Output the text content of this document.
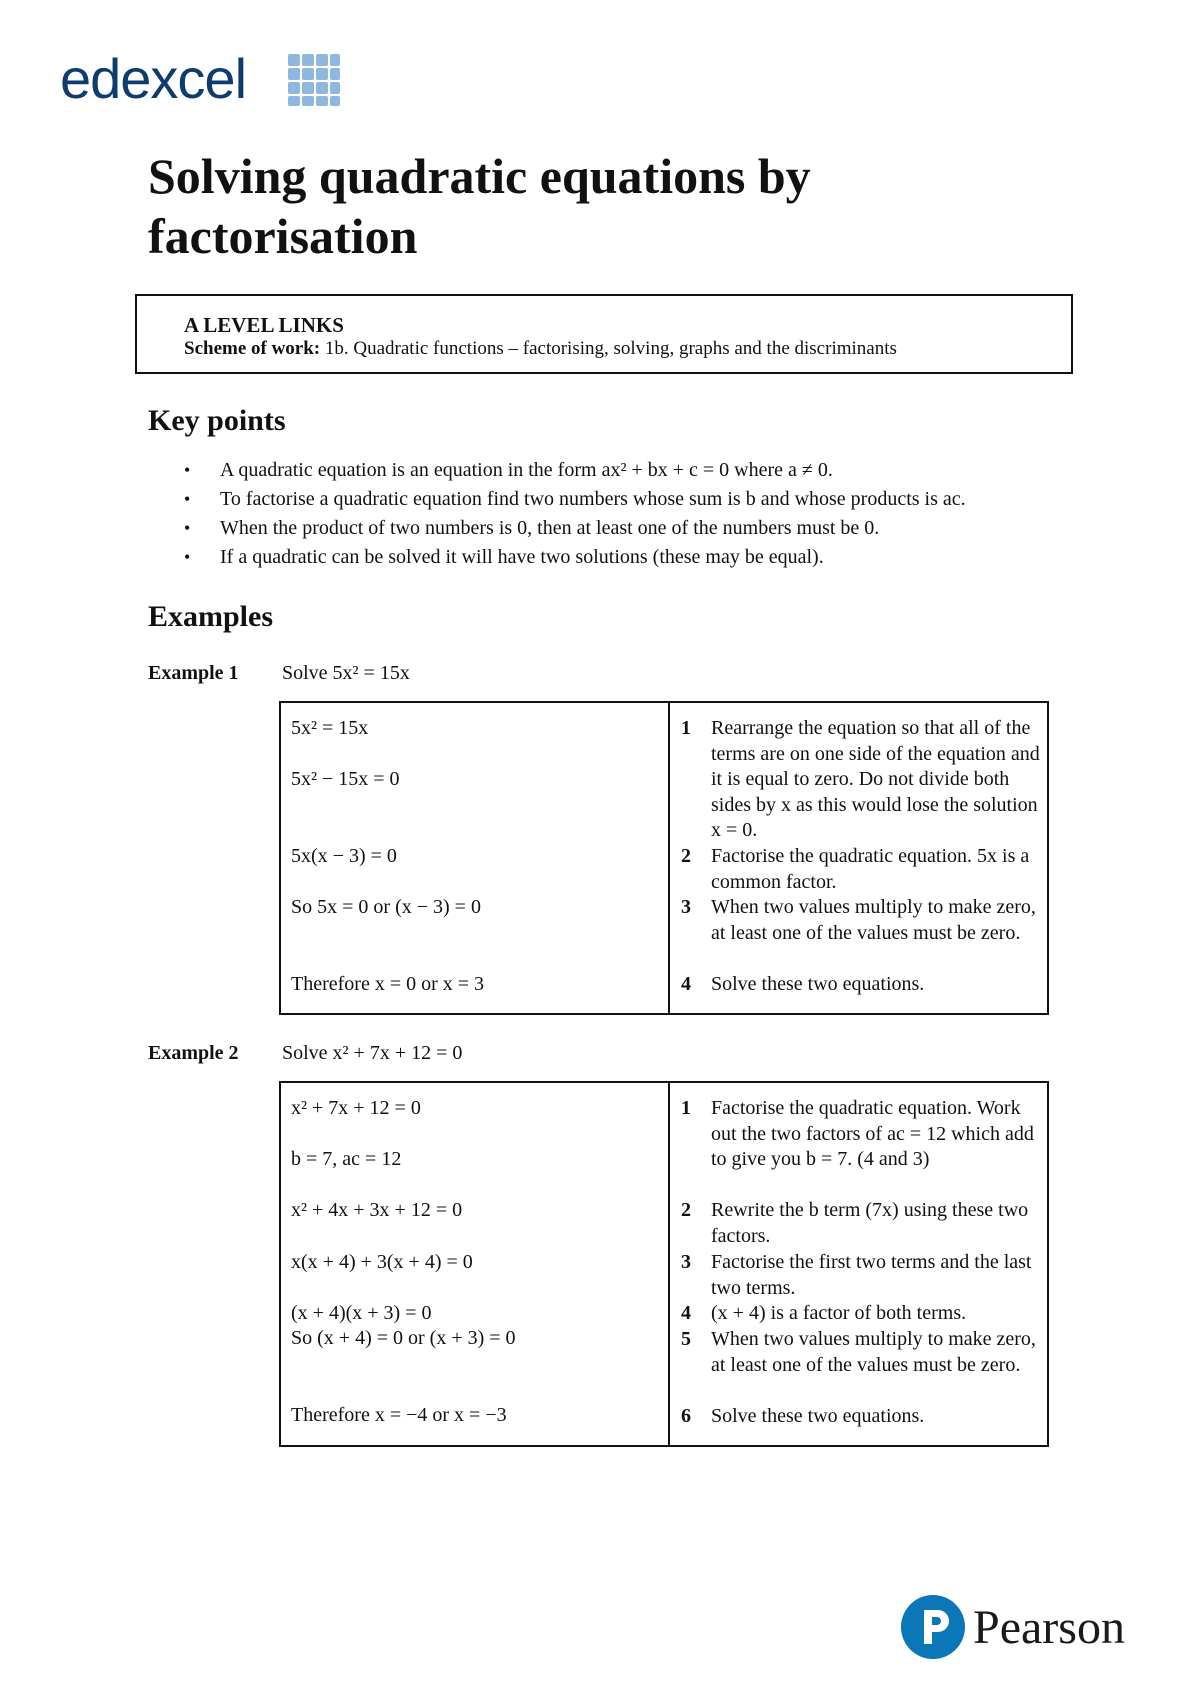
edexcel
Solving quadratic equations by factorisation
A LEVEL LINKS
Scheme of work: 1b. Quadratic functions – factorising, solving, graphs and the discriminants
Key points
• A quadratic equation is an equation in the form ax² + bx + c = 0 where a ≠ 0.
• To factorise a quadratic equation find two numbers whose sum is b and whose products is ac.
• When the product of two numbers is 0, then at least one of the numbers must be 0.
• If a quadratic can be solved it will have two solutions (these may be equal).
Examples
Example 1 Solve 5x² = 15x
5x² = 15x
5x² − 15x = 0
5x(x − 3) = 0
So 5x = 0 or (x − 3) = 0
Therefore x = 0 or x = 3
1 Rearrange the equation so that all of the terms are on one side of the equation and it is equal to zero. Do not divide both sides by x as this would lose the solution x = 0.
2 Factorise the quadratic equation. 5x is a common factor.
3 When two values multiply to make zero, at least one of the values must be zero.
4 Solve these two equations.
Example 2 Solve x² + 7x + 12 = 0
x² + 7x + 12 = 0
b = 7, ac = 12
x² + 4x + 3x + 12 = 0
x(x + 4) + 3(x + 4) = 0
(x + 4)(x + 3) = 0
So (x + 4) = 0 or (x + 3) = 0
Therefore x = −4 or x = −3
1 Factorise the quadratic equation. Work out the two factors of ac = 12 which add to give you b = 7. (4 and 3)
2 Rewrite the b term (7x) using these two factors.
3 Factorise the first two terms and the last two terms.
4 (x + 4) is a factor of both terms.
5 When two values multiply to make zero, at least one of the values must be zero.
6 Solve these two equations.
Pearson
